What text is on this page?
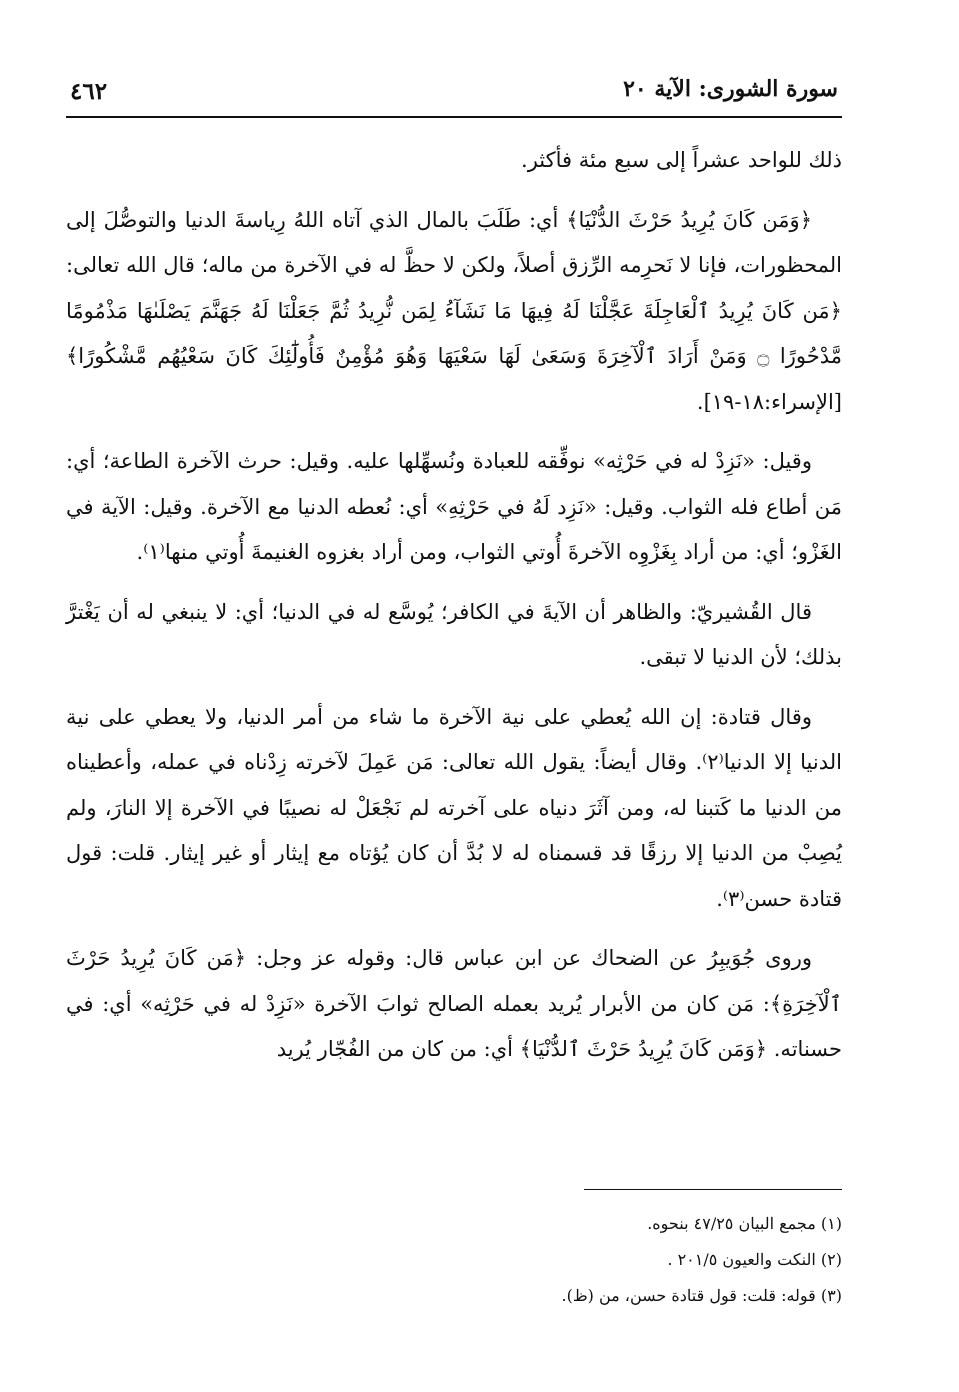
سورة الشورى: الآية ٢٠
٤٦٢

ذلك للواحد عشراً إلى سبع مئة فأكثر.

﴿وَمَن كَانَ يُرِيدُ حَرْثَ الدُّنْيَا﴾ أي: طَلَبَ بالمال الذي آتاه اللهُ رِياسةَ الدنيا والتوصُّلَ إلى المحظورات، فإنا لا نَحرِمه الرِّزق أصلاً، ولكن لا حظَّ له في الآخرة من ماله؛ قال الله تعالى: ﴿مَن كَانَ يُرِيدُ ٱلْعَاجِلَةَ عَجَّلْنَا لَهُ فِيهَا مَا نَشَآءُ لِمَن نُّرِيدُ ثُمَّ جَعَلْنَا لَهُ جَهَنَّمَ يَصْلَىٰهَا مَذْمُومًا مَّدْحُورًا ۝ وَمَنْ أَرَادَ ٱلْآخِرَةَ وَسَعَىٰ لَهَا سَعْيَهَا وَهُوَ مُؤْمِنٌ فَأُولَٰٓئِكَ كَانَ سَعْيُهُم مَّشْكُورًا﴾ [الإسراء:١٨-١٩].

وقيل: «نَزِدْ له في حَرْثِه» نوفِّقه للعبادة ونُسهِّلها عليه. وقيل: حرث الآخرة الطاعة؛ أي: مَن أطاع فله الثواب. وقيل: «نَزِد لَهُ في حَرْثِهِ» أي: نُعطه الدنيا مع الآخرة. وقيل: الآية في الغَزْو؛ أي: من أراد بِغَزْوِه الآخرةَ أُوتي الثواب، ومن أراد بغزوه الغنيمةَ أُوتي منها⁽١⁾.

قال القُشيريّ: والظاهر أن الآيةَ في الكافر؛ يُوسَّع له في الدنيا؛ أي: لا ينبغي له أن يَغْترَّ بذلك؛ لأن الدنيا لا تبقى.

وقال قتادة: إن الله يُعطي على نية الآخرة ما شاء من أمر الدنيا، ولا يعطي على نية الدنيا إلا الدنيا⁽٢⁾. وقال أيضاً: يقول الله تعالى: مَن عَمِلَ لآخرته زِدْناه في عمله، وأعطيناه من الدنيا ما كَتبنا له، ومن آثَرَ دنياه على آخرته لم نَجْعَلْ له نصيبًا في الآخرة إلا النارَ، ولم يُصِبْ من الدنيا إلا رزقًا قد قسمناه له لا بُدَّ أن كان يُؤتاه مع إيثار أو غير إيثار. قلت: قول قتادة حسن⁽٣⁾.

وروى جُوَيبِرُ عن الضحاك عن ابن عباس قال: وقوله عز وجل: ﴿مَن كَانَ يُرِيدُ حَرْثَ ٱلْآخِرَةِ﴾: مَن كان من الأبرار يُريد بعمله الصالح ثوابَ الآخرة «نَزِدْ له في حَرْثِه» أي: في حسناته. ﴿وَمَن كَانَ يُرِيدُ حَرْثَ ٱلدُّنْيَا﴾ أي: من كان من الفُجّار يُريد

(١) مجمع البيان ٤٧/٢٥ بنحوه.
(٢) النكت والعيون ٢٠١/٥ .
(٣) قوله: قلت: قول قتادة حسن، من (ظ).
